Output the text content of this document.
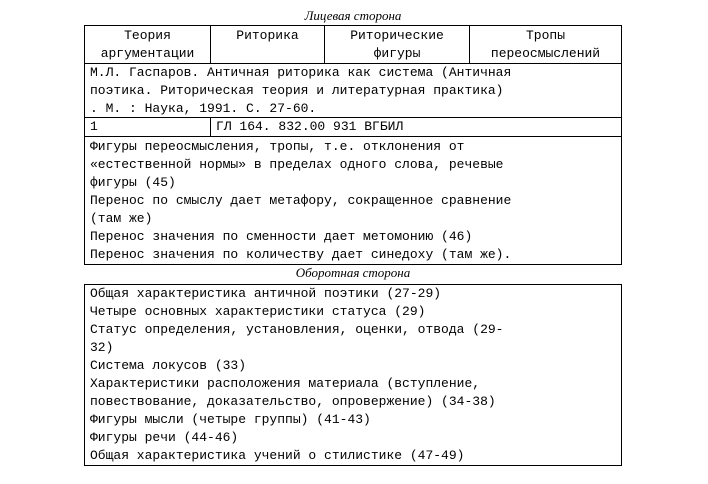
Лицевая сторона
Теория
аргументации
Риторика	Риторические
фигуры
Тропы
переосмыслений
М.Л. Гаспаров. Античная риторика как система (Античная
поэтика. Риторическая теория и литературная практика)
. М. : Наука, 1991. С. 27-60.
1	ГЛ 164. 832.00 931 ВГБИЛ
Фигуры переосмысления, тропы, т.е. отклонения от
«естественной нормы» в пределах одного слова, речевые
фигуры (45)
Перенос по смыслу дает метафору, сокращенное сравнение
(там же)
Перенос значения по сменности дает метомонию (46)
Перенос значения по количеству дает синедоху (там же).
Оборотная сторона
Общая характеристика античной поэтики (27-29)
Четыре основных характеристики статуса (29)
Статус определения, установления, оценки, отвода (29-
32)
Система локусов (33)
Характеристики расположения материала (вступление,
повествование, доказательство, опровержение) (34-38)
Фигуры мысли (четыре группы) (41-43)
Фигуры речи (44-46)
Общая характеристика учений о стилистике (47-49)
